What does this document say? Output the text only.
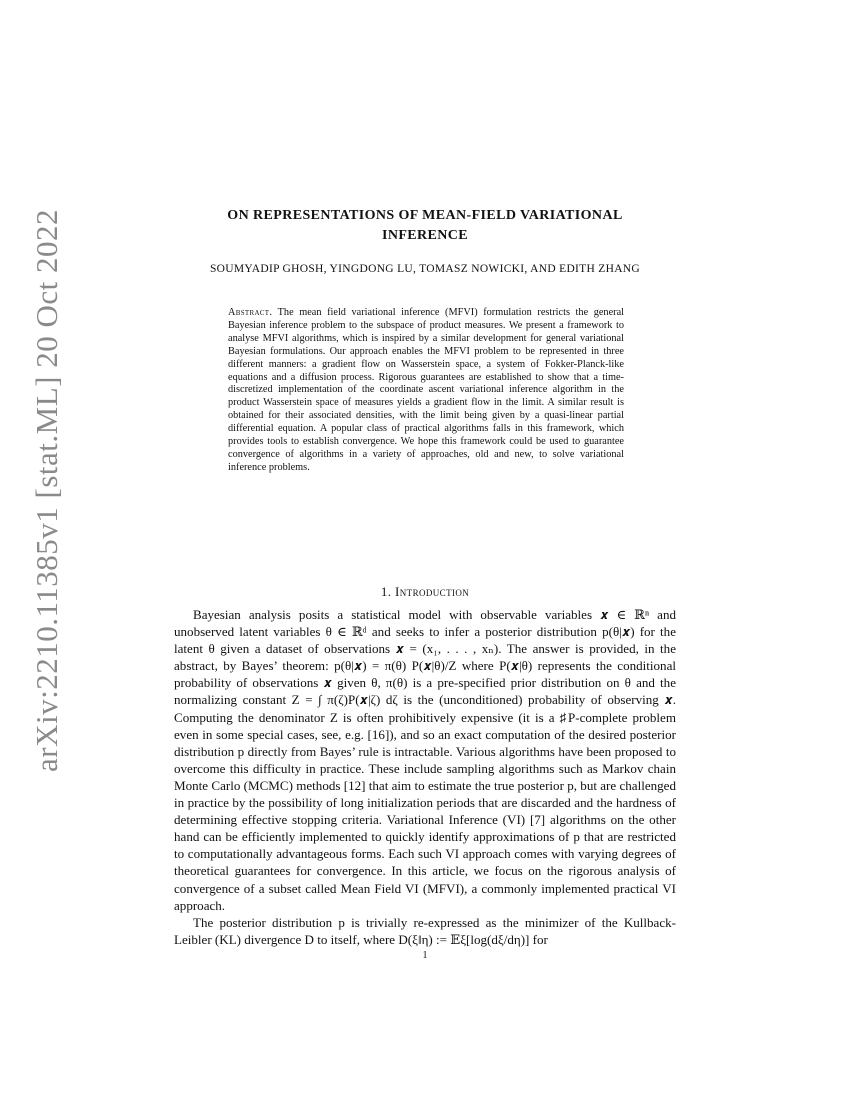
arXiv:2210.11385v1 [stat.ML] 20 Oct 2022	ON REPRESENTATIONS OF MEAN-FIELD VARIATIONAL
INFERENCE
SOUMYADIP GHOSH, YINGDONG LU, TOMASZ NOWICKI, AND EDITH ZHANG
Abstract. The mean field variational inference (MFVI) formulation restricts the general Bayesian inference problem to the subspace of product measures. We present a framework to analyse MFVI algorithms, which is inspired by a similar development for general variational Bayesian formulations. Our approach enables the MFVI problem to be represented in three different manners: a gradient flow on Wasserstein space, a system of Fokker-Planck-like equations and a diffusion process. Rigorous guarantees are established to show that a time-discretized implementation of the coordinate ascent variational inference algorithm in the product Wasserstein space of measures yields a gradient flow in the limit. A similar result is obtained for their associated densities, with the limit being given by a quasi-linear partial differential equation. A popular class of practical algorithms falls in this framework, which provides tools to establish convergence. We hope this framework could be used to guarantee convergence of algorithms in a variety of approaches, old and new, to solve variational inference problems.
1. Introduction

Bayesian analysis posits a statistical model with observable variables 𝒙 ∈ ℝⁿ and unobserved latent variables θ ∈ ℝᵈ and seeks to infer a posterior distribution p(θ|𝒙) for the latent θ given a dataset of observations 𝒙 = (x₁, . . . , xₙ). The answer is provided, in the abstract, by Bayes’ theorem: p(θ|𝒙) = π(θ) P(𝒙|θ)/Z where P(𝒙|θ) represents the conditional probability of observations 𝒙 given θ, π(θ) is a pre-specified prior distribution on θ and the normalizing constant Z = ∫ π(ζ)P(𝒙|ζ) dζ is the (unconditioned) probability of observing 𝒙. Computing the denominator Z is often prohibitively expensive (it is a ♯P-complete problem even in some special cases, see, e.g. [16]), and so an exact computation of the desired posterior distribution p directly from Bayes’ rule is intractable. Various algorithms have been proposed to overcome this difficulty in practice. These include sampling algorithms such as Markov chain Monte Carlo (MCMC) methods [12] that aim to estimate the true posterior p, but are challenged in practice by the possibility of long initialization periods that are discarded and the hardness of determining effective stopping criteria. Variational Inference (VI) [7] algorithms on the other hand can be efficiently implemented to quickly identify approximations of p that are restricted to computationally advantageous forms. Each such VI approach comes with varying degrees of theoretical guarantees for convergence. In this article, we focus on the rigorous analysis of convergence of a subset called Mean Field VI (MFVI), a commonly implemented practical VI approach.

The posterior distribution p is trivially re-expressed as the minimizer of the Kullback-Leibler (KL) divergence D to itself, where D(ξ‖η) := 𝔼ξ[log(dξ/dη)] for

1
